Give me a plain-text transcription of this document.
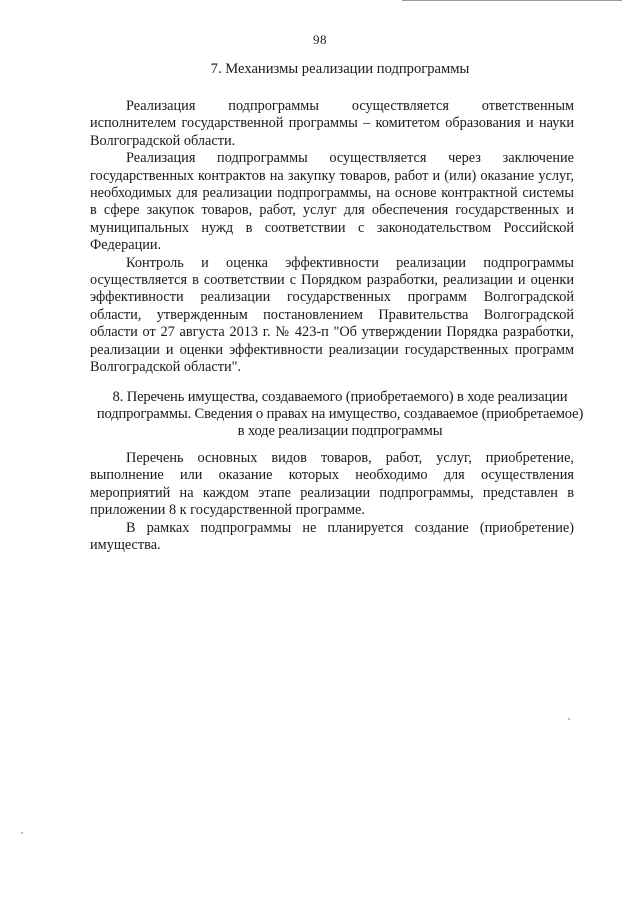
98
7. Механизмы реализации подпрограммы

Реализация подпрограммы осуществляется ответственным исполнителем государственной программы – комитетом образования и науки Волгоградской области.

Реализация подпрограммы осуществляется через заключение государственных контрактов на закупку товаров, работ и (или) оказание услуг, необходимых для реализации подпрограммы, на основе контрактной системы в сфере закупок товаров, работ, услуг для обеспечения государственных и муниципальных нужд в соответствии с законодательством Российской Федерации.

Контроль и оценка эффективности реализации подпрограммы осуществляется в соответствии с Порядком разработки, реализации и оценки эффективности реализации государственных программ Волгоградской области, утвержденным постановлением Правительства Волгоградской области от 27 августа 2013 г. № 423-п "Об утверждении Порядка разработки, реализации и оценки эффективности реализации государственных программ Волгоградской области".

8. Перечень имущества, создаваемого (приобретаемого) в ходе реализации
подпрограммы. Сведения о правах на имущество, создаваемое (приобретаемое)
в ходе реализации подпрограммы

Перечень основных видов товаров, работ, услуг, приобретение, выполнение или оказание которых необходимо для осуществления мероприятий на каждом этапе реализации подпрограммы, представлен в приложении 8 к государственной программе.

В рамках подпрограммы не планируется создание (приобретение) имущества.
